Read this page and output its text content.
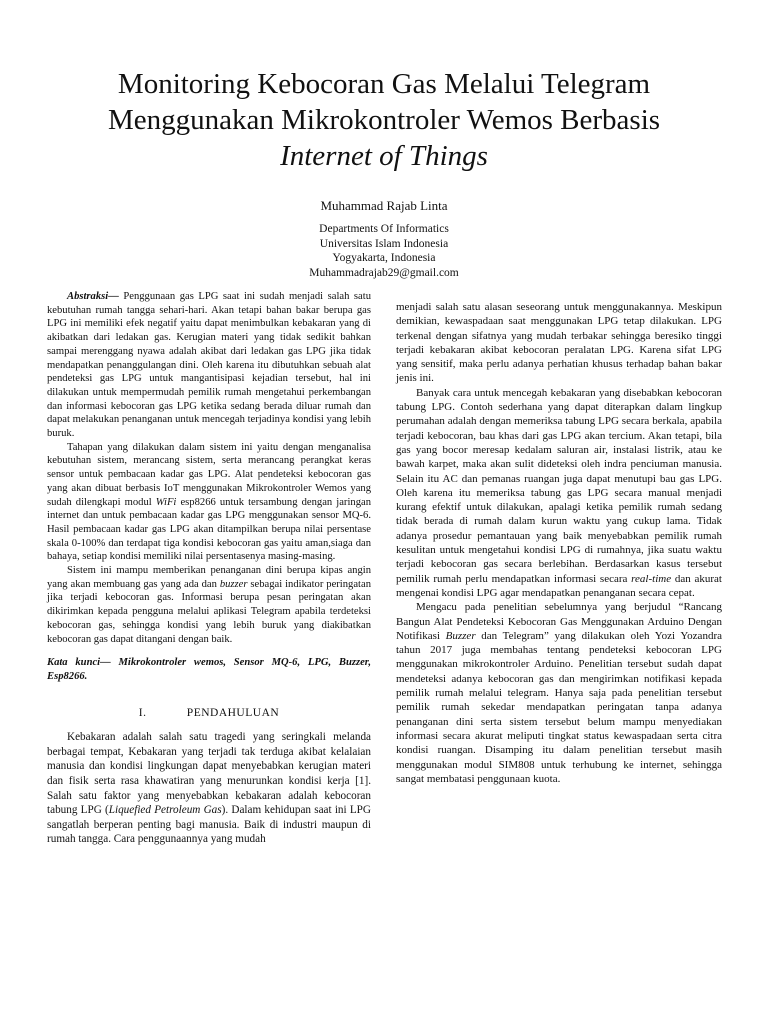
Monitoring Kebocoran Gas Melalui Telegram

Menggunakan Mikrokontroler Wemos Berbasis

Internet of Things

Muhammad Rajab Linta
Departments Of Informatics
Universitas Islam Indonesia
Yogyakarta, Indonesia
Muhammadrajab29@gmail.com

Abstraksi— Penggunaan gas LPG saat ini sudah menjadi salah satu kebutuhan rumah tangga sehari-hari. Akan tetapi bahan bakar berupa gas LPG ini memiliki efek negatif yaitu dapat menimbulkan kebakaran yang di akibatkan dari ledakan gas. Kerugian materi yang tidak sedikit bahkan sampai merenggang nyawa adalah akibat dari ledakan gas LPG jika tidak mendapatkan penanggulangan dini. Oleh karena itu dibutuhkan sebuah alat pendeteksi gas LPG untuk mangantisipasi kejadian tersebut, hal ini dilakukan untuk mempermudah pemilik rumah mengetahui perkembangan dan informasi kebocoran gas LPG ketika sedang berada diluar rumah dan dapat melakukan penanganan untuk mencegah terjadinya kondisi yang lebih buruk.

Tahapan yang dilakukan dalam sistem ini yaitu dengan menganalisa kebutuhan sistem, merancang sistem, serta merancang perangkat keras sensor untuk pembacaan kadar gas LPG. Alat pendeteksi kebocoran gas yang akan dibuat berbasis IoT menggunakan Mikrokontroler Wemos yang sudah dilengkapi modul WiFi esp8266 untuk tersambung dengan jaringan internet dan untuk pembacaan kadar gas LPG menggunakan sensor MQ-6. Hasil pembacaan kadar gas LPG akan ditampilkan berupa nilai persentase skala 0-100% dan terdapat tiga kondisi kebocoran gas yaitu aman,siaga dan bahaya, setiap kondisi memiliki nilai persentasenya masing-masing.

Sistem ini mampu memberikan penanganan dini berupa kipas angin yang akan membuang gas yang ada dan buzzer sebagai indikator peringatan jika terjadi kebocoran gas. Informasi berupa pesan peringatan akan dikirimkan kepada pengguna melalui aplikasi Telegram apabila terdeteksi kebocoran gas, sehingga kondisi yang lebih buruk yang diakibatkan kebocoran gas dapat ditangani dengan baik.

Kata kunci— Mikrokontroler wemos, Sensor MQ-6, LPG, Buzzer, Esp8266.

I.	PENDAHULUAN

Kebakaran adalah salah satu tragedi yang seringkali melanda berbagai tempat, Kebakaran yang terjadi tak terduga akibat kelalaian manusia dan kondisi lingkungan dapat menyebabkan kerugian materi dan fisik serta rasa khawatiran yang menurunkan kondisi kerja [1]. Salah satu faktor yang menyebabkan kebakaran adalah kebocoran tabung LPG (Liquefied Petroleum Gas). Dalam kehidupan saat ini LPG sangatlah berperan penting bagi manusia. Baik di industri maupun di rumah tangga. Cara penggunaannya yang mudah

menjadi salah satu alasan seseorang untuk menggunakannya. Meskipun demikian, kewaspadaan saat menggunakan LPG tetap dilakukan. LPG terkenal dengan sifatnya yang mudah terbakar sehingga beresiko tinggi terjadi kebakaran akibat kebocoran peralatan LPG. Karena sifat LPG yang sensitif, maka perlu adanya perhatian khusus terhadap bahan bakar jenis ini.

Banyak cara untuk mencegah kebakaran yang disebabkan kebocoran tabung LPG. Contoh sederhana yang dapat diterapkan dalam lingkup perumahan adalah dengan memeriksa tabung LPG secara berkala, apabila terjadi kebocoran, bau khas dari gas LPG akan tercium. Akan tetapi, bila gas yang bocor meresap kedalam saluran air, instalasi listrik, atau ke bawah karpet, maka akan sulit dideteksi oleh indra penciuman manusia. Selain itu AC dan pemanas ruangan juga dapat menutupi bau gas LPG. Oleh karena itu memeriksa tabung gas LPG secara manual menjadi kurang efektif untuk dilakukan, apalagi ketika pemilik rumah sedang tidak berada di rumah dalam kurun waktu yang cukup lama. Tidak adanya prosedur pemantauan yang baik menyebabkan pemilik rumah kesulitan untuk mengetahui kondisi LPG di rumahnya, jika suatu waktu terjadi kebocoran gas secara berlebihan. Berdasarkan kasus tersebut pemilik rumah perlu mendapatkan informasi secara real-time dan akurat mengenai kondisi LPG agar mendapatkan penanganan secara cepat.

Mengacu pada penelitian sebelumnya yang berjudul “Rancang Bangun Alat Pendeteksi Kebocoran Gas Menggunakan Arduino Dengan Notifikasi Buzzer dan Telegram” yang dilakukan oleh Yozi Yozandra tahun 2017 juga membahas tentang pendeteksi kebocoran LPG menggunakan mikrokontroler Arduino. Penelitian tersebut sudah dapat mendeteksi adanya kebocoran gas dan mengirimkan notifikasi kepada pemilik rumah melalui telegram. Hanya saja pada penelitian tersebut pemilik rumah sekedar mendapatkan peringatan tanpa adanya penanganan dini serta sistem tersebut belum mampu menyediakan informasi secara akurat meliputi tingkat status kewaspadaan serta citra kondisi ruangan. Disamping itu dalam penelitian tersebut masih menggunakan modul SIM808 untuk terhubung ke internet, sehingga sangat membatasi penggunaan kuota.
